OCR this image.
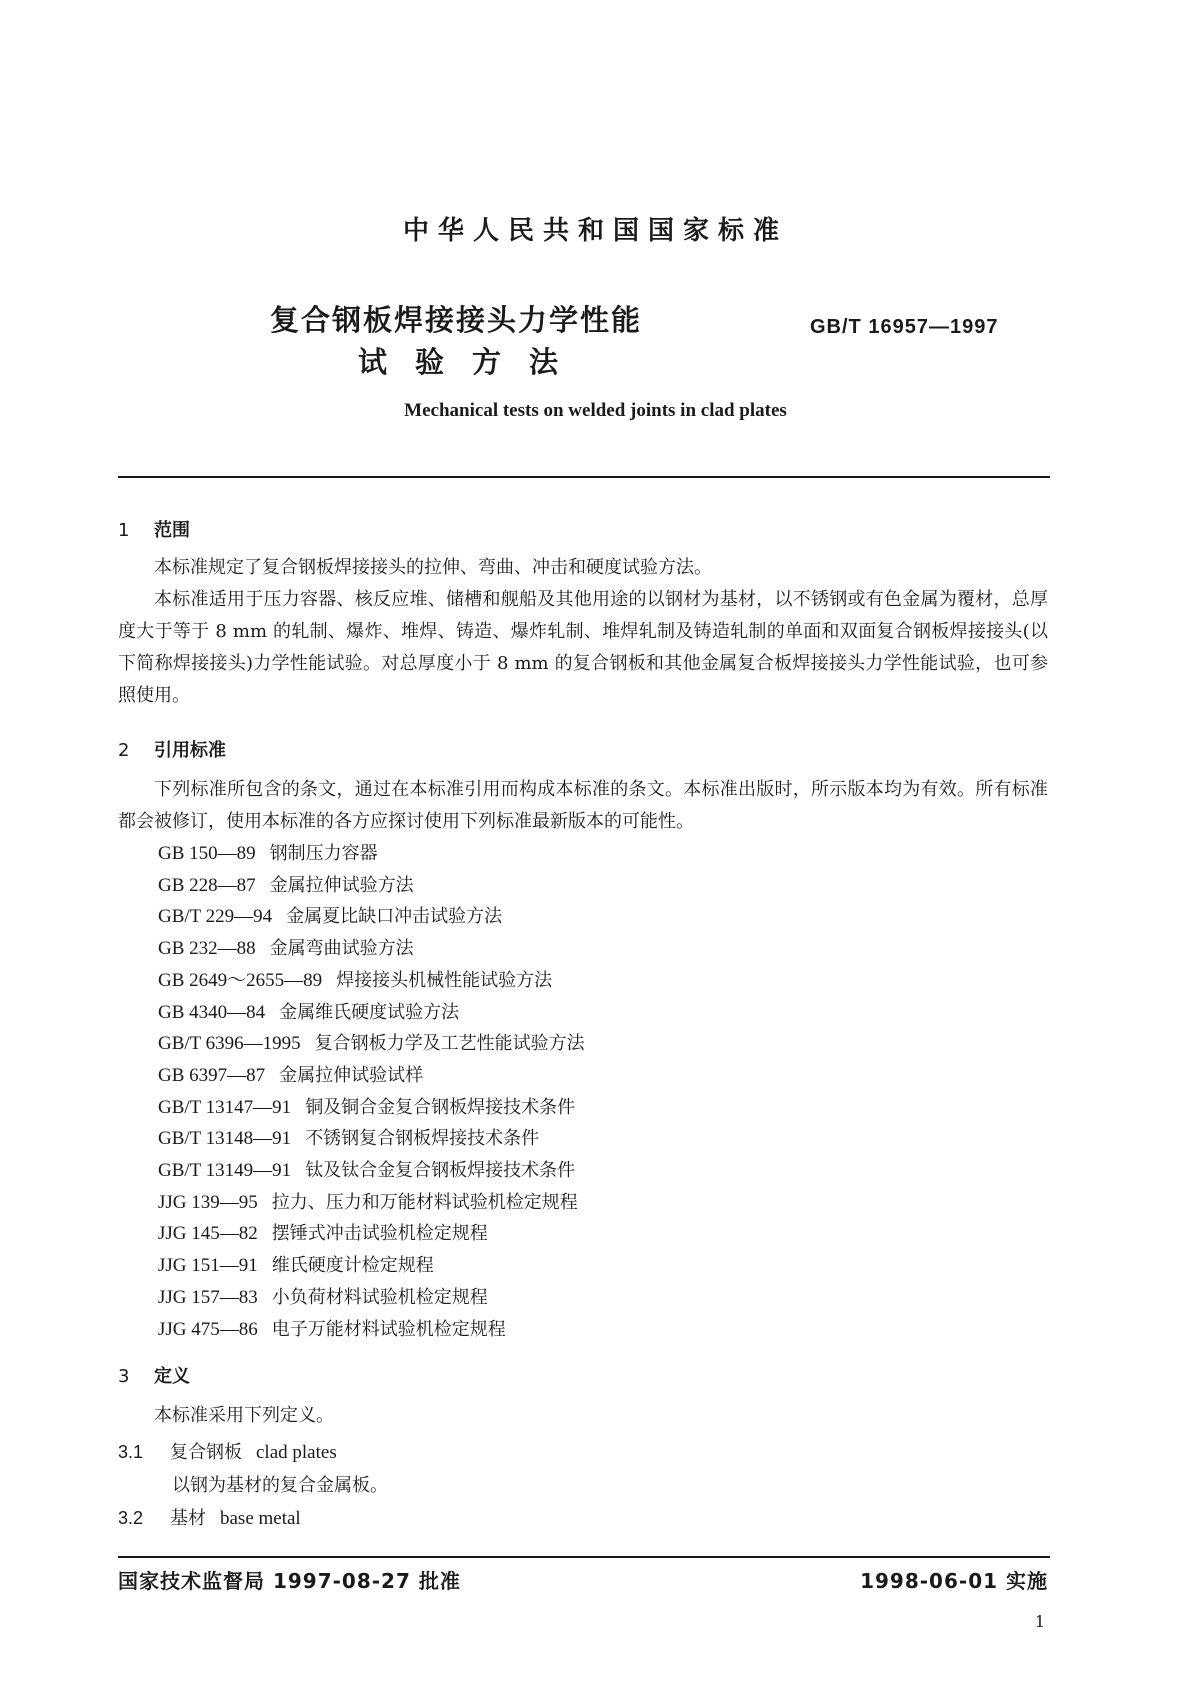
中华人民共和国国家标准
复合钢板焊接接头力学性能
试验方法
GB/T 16957—1997
Mechanical tests on welded joints in clad plates
1 范围

本标准规定了复合钢板焊接接头的拉伸、弯曲、冲击和硬度试验方法。

本标准适用于压力容器、核反应堆、储槽和舰船及其他用途的以钢材为基材，以不锈钢或有色金属为覆材，总厚度大于等于 8 mm 的轧制、爆炸、堆焊、铸造、爆炸轧制、堆焊轧制及铸造轧制的单面和双面复合钢板焊接接头(以下简称焊接接头)力学性能试验。对总厚度小于 8 mm 的复合钢板和其他金属复合板焊接接头力学性能试验，也可参照使用。

2 引用标准

下列标准所包含的条文，通过在本标准引用而构成本标准的条文。本标准出版时，所示版本均为有效。所有标准都会被修订，使用本标准的各方应探讨使用下列标准最新版本的可能性。

GB 150—89 钢制压力容器
GB 228—87 金属拉伸试验方法
GB/T 229—94 金属夏比缺口冲击试验方法
GB 232—88 金属弯曲试验方法
GB 2649～2655—89 焊接接头机械性能试验方法
GB 4340—84 金属维氏硬度试验方法
GB/T 6396—1995 复合钢板力学及工艺性能试验方法
GB 6397—87 金属拉伸试验试样
GB/T 13147—91 铜及铜合金复合钢板焊接技术条件
GB/T 13148—91 不锈钢复合钢板焊接技术条件
GB/T 13149—91 钛及钛合金复合钢板焊接技术条件
JJG 139—95 拉力、压力和万能材料试验机检定规程
JJG 145—82 摆锤式冲击试验机检定规程
JJG 151—91 维氏硬度计检定规程
JJG 157—83 小负荷材料试验机检定规程
JJG 475—86 电子万能材料试验机检定规程
3 定义

本标准采用下列定义。

3.1 复合钢板 clad plates
以钢为基材的复合金属板。
3.2 基材 base metal
国家技术监督局 1997-08-27 批准	1998-06-01 实施
1
